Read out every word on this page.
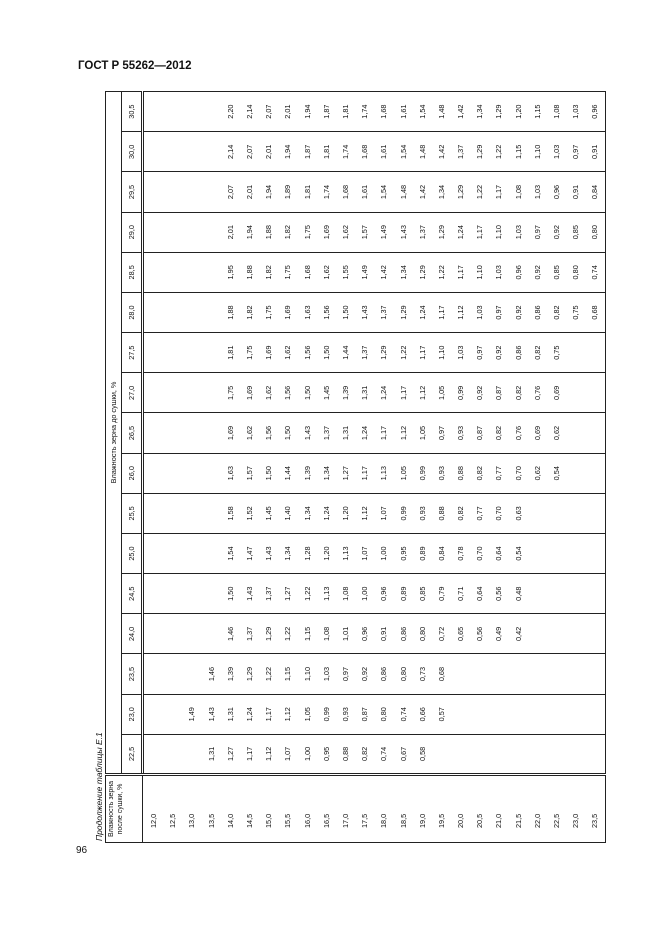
ГОСТ Р 55262—2012
96
Продолжение таблицы Е.1 Влажность зерна после сушки, %	Влажность зерна до сушки, %																
	22,5	23,0	23,5	24,0	24,5	25,0	25,5	26,0	26,5	27,0	27,5	28,0	28,5	29,0	29,5	30,0	30,5
12,0																	
12,5																	
13,0		1,49															
13,5	1,31	1,43	1,46														
14,0	1,27	1,31	1,39	1,46	1,50	1,54	1,58	1,63	1,69	1,75	1,81	1,88	1,95	2,01	2,07	2,14	2,20
14,5	1,17	1,24	1,29	1,37	1,43	1,47	1,52	1,57	1,62	1,69	1,75	1,82	1,88	1,94	2,01	2,07	2,14
15,0	1,12	1,17	1,22	1,29	1,37	1,43	1,45	1,50	1,56	1,62	1,69	1,75	1,82	1,88	1,94	2,01	2,07
15,5	1,07	1,12	1,15	1,22	1,27	1,34	1,40	1,44	1,50	1,56	1,62	1,69	1,75	1,82	1,89	1,94	2,01
16,0	1,00	1,05	1,10	1,15	1,22	1,28	1,34	1,39	1,43	1,50	1,56	1,63	1,68	1,75	1,81	1,87	1,94
16,5	0,95	0,99	1,03	1,08	1,13	1,20	1,24	1,34	1,37	1,45	1,50	1,56	1,62	1,69	1,74	1,81	1,87
17,0	0,88	0,93	0,97	1,01	1,08	1,13	1,20	1,27	1,31	1,39	1,44	1,50	1,55	1,62	1,68	1,74	1,81
17,5	0,82	0,87	0,92	0,96	1,00	1,07	1,12	1,17	1,24	1,31	1,37	1,43	1,49	1,57	1,61	1,68	1,74
18,0	0,74	0,80	0,86	0,91	0,96	1,00	1,07	1,13	1,17	1,24	1,29	1,37	1,42	1,49	1,54	1,61	1,68
18,5	0,67	0,74	0,80	0,86	0,89	0,95	0,99	1,05	1,12	1,17	1,22	1,29	1,34	1,43	1,48	1,54	1,61
19,0	0,58	0,66	0,73	0,80	0,85	0,89	0,93	0,99	1,05	1,12	1,17	1,24	1,29	1,37	1,42	1,48	1,54
19,5		0,57	0,68	0,72	0,79	0,84	0,88	0,93	0,97	1,05	1,10	1,17	1,22	1,29	1,34	1,42	1,48
20,0				0,65	0,71	0,78	0,82	0,88	0,93	0,99	1,03	1,12	1,17	1,24	1,29	1,37	1,42
20,5				0,56	0,64	0,70	0,77	0,82	0,87	0,92	0,97	1,03	1,10	1,17	1,22	1,29	1,34
21,0				0,49	0,56	0,64	0,70	0,77	0,82	0,87	0,92	0,97	1,03	1,10	1,17	1,22	1,29
21,5				0,42	0,48	0,54	0,63	0,70	0,76	0,82	0,86	0,92	0,96	1,03	1,08	1,15	1,20
22,0								0,62	0,69	0,76	0,82	0,86	0,92	0,97	1,03	1,10	1,15
22,5								0,54	0,62	0,69	0,75	0,82	0,85	0,92	0,96	1,03	1,08
23,0												0,75	0,80	0,85	0,91	0,97	1,03
23,5												0,68	0,74	0,80	0,84	0,91	0,96
